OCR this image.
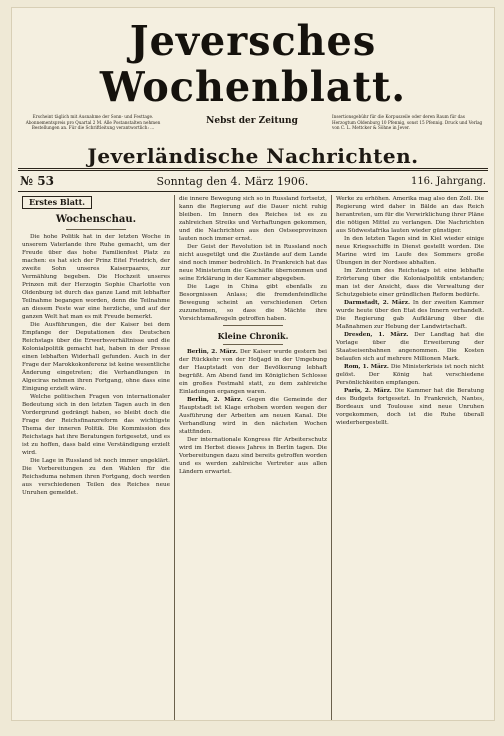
Jeversches Wochenblatt.
Erscheint täglich mit Ausnahme der Sonn- und Festtage. Abonnementspreis pro Quartal 2 M. Alle Postanstalten nehmen Bestellungen an. Für die Schriftleitung verantwortlich: ...
Nebst der Zeitung	Insertionsgebühr für die Korpuszeile oder deren Raum für das Herzogtum Oldenburg 10 Pfennig, sonst 15 Pfennig. Druck und Verlag von C. L. Mettcker & Söhne in Jever.
Jeverländische Nachrichten.
№ 53	Sonntag den 4. März 1906.	116. Jahrgang.
Erstes Blatt.
Wochenschau.

Die hohe Politik hat in der letzten Woche in unserem Vaterlande ihre Ruhe gemacht, um der Freude über das hohe Familienfest Platz zu machen: es hat sich der Prinz Eitel Friedrich, der zweite Sohn unseres Kaiserpaares, zur Vermählung begeben. Die Hochzeit unseres Prinzen mit der Herzogin Sophie Charlotte von Oldenburg ist durch das ganze Land mit lebhafter Teilnahme begangen worden, denn die Teilnahme an diesem Feste war eine herzliche, und auf der ganzen Welt hat man es mit Freude bemerkt.

Die Ausführungen, die der Kaiser bei dem Empfange der Deputationen des Deutschen Reichstags über die Erwerbsverhältnisse und die Kolonialpolitik gemacht hat, haben in der Presse einen lebhaften Widerhall gefunden. Auch in der Frage der Marokkokonferenz ist keine wesentliche Änderung eingetreten; die Verhandlungen in Algeciras nehmen ihren Fortgang, ohne dass eine Einigung erzielt wäre.

Welche politischen Fragen von internationaler Bedeutung sich in den letzten Tagen auch in den Vordergrund gedrängt haben, so bleibt doch die Frage der Reichsfinanzreform das wichtigste Thema der inneren Politik. Die Kommission des Reichstags hat ihre Beratungen fortgesetzt, und es ist zu hoffen, dass bald eine Verständigung erzielt wird.

Die Lage in Russland ist noch immer ungeklärt. Die Vorbereitungen zu den Wahlen für die Reichsduma nehmen ihren Fortgang, doch werden aus verschiedenen Teilen des Reiches neue Unruhen gemeldet.

die innere Bewegung sich so in Russland fortsetzt, kann die Regierung auf die Dauer nicht ruhig bleiben. Im Innern des Reiches ist es zu zahlreichen Streiks und Verhaftungen gekommen, und die Nachrichten aus den Ostseeprovinzen lauten noch immer ernst.

Der Geist der Revolution ist in Russland noch nicht ausgetilgt und die Zustände auf dem Lande sind noch immer bedrohlich. In Frankreich hat das neue Ministerium die Geschäfte übernommen und seine Erklärung in der Kammer abgegeben.

Die Lage in China gibt ebenfalls zu Besorgnissen Anlass; die fremdenfeindliche Bewegung scheint an verschiedenen Orten zuzunehmen, so dass die Mächte ihre Vorsichtsmaßregeln getroffen haben.

Kleine Chronik.

Berlin, 2. März. Der Kaiser wurde gestern bei der Rückkehr von der Hofjagd in der Umgebung der Hauptstadt von der Bevölkerung lebhaft begrüßt. Am Abend fand im Königlichen Schlosse ein großes Festmahl statt, zu dem zahlreiche Einladungen ergangen waren.

Berlin, 2. März. Gegen die Gemeinde der Hauptstadt ist Klage erhoben worden wegen der Ausführung der Arbeiten am neuen Kanal. Die Verhandlung wird in den nächsten Wochen stattfinden.

Der internationale Kongress für Arbeiterschutz wird im Herbst dieses Jahres in Berlin tagen. Die Vorbereitungen dazu sind bereits getroffen worden und es werden zahlreiche Vertreter aus allen Ländern erwartet.

Werke zu erhöhen. Amerika mag also den Zoll. Die Regierung wird daher in Bälde an das Reich herantreten, um für die Verwirklichung ihrer Pläne die nötigen Mittel zu verlangen. Die Nachrichten aus Südwestafrika lauten wieder günstiger.

In den letzten Tagen sind in Kiel wieder einige neue Kriegsschiffe in Dienst gestellt worden. Die Marine wird im Laufe des Sommers große Übungen in der Nordsee abhalten.

Im Zentrum des Reichstags ist eine lebhafte Erörterung über die Kolonialpolitik entstanden; man ist der Ansicht, dass die Verwaltung der Schutzgebiete einer gründlichen Reform bedürfe.

Darmstadt, 2. März. In der zweiten Kammer wurde heute über den Etat des Innern verhandelt. Die Regierung gab Aufklärung über die Maßnahmen zur Hebung der Landwirtschaft.

Dresden, 1. März. Der Landtag hat die Vorlage über die Erweiterung der Staatseisenbahnen angenommen. Die Kosten belaufen sich auf mehrere Millionen Mark.

Rom, 1. März. Die Ministerkrisis ist noch nicht gelöst. Der König hat verschiedene Persönlichkeiten empfangen.

Paris, 2. März. Die Kammer hat die Beratung des Budgets fortgesetzt. In Frankreich, Nantes, Bordeaux und Toulouse sind neue Unruhen vorgekommen, doch ist die Ruhe überall wiederhergestellt.
